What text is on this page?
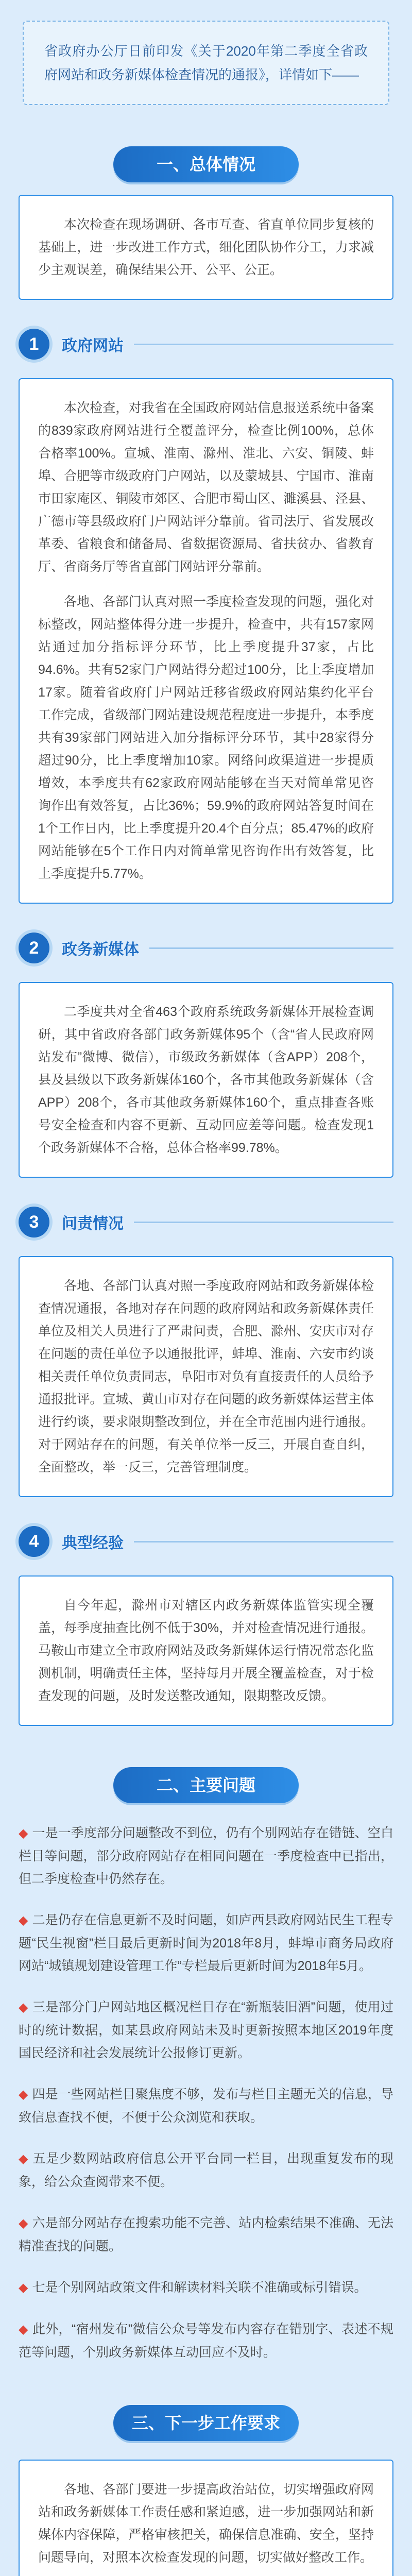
省政府办公厅日前印发《关于2020年第二季度全省政府网站和政务新媒体检查情况的通报》，详情如下——
一、总体情况

本次检查在现场调研、各市互查、省直单位同步复核的基础上，进一步改进工作方式，细化团队协作分工，力求减少主观误差，确保结果公开、公平、公正。

1	政府网站

本次检查，对我省在全国政府网站信息报送系统中备案的839家政府网站进行全覆盖评分，检查比例100%，总体合格率100%。宣城、淮南、滁州、淮北、六安、铜陵、蚌埠、合肥等市级政府门户网站，以及蒙城县、宁国市、淮南市田家庵区、铜陵市郊区、合肥市蜀山区、濉溪县、泾县、广德市等县级政府门户网站评分靠前。省司法厅、省发展改革委、省粮食和储备局、省数据资源局、省扶贫办、省教育厅、省商务厅等省直部门网站评分靠前。

各地、各部门认真对照一季度检查发现的问题，强化对标整改，网站整体得分进一步提升，检查中，共有157家网站通过加分指标评分环节，比上季度提升37家，占比94.6%。共有52家门户网站得分超过100分，比上季度增加17家。随着省政府门户网站迁移省级政府网站集约化平台工作完成，省级部门网站建设规范程度进一步提升，本季度共有39家部门网站进入加分指标评分环节，其中28家得分超过90分，比上季度增加10家。网络问政渠道进一步提质增效，本季度共有62家政府网站能够在当天对简单常见咨询作出有效答复，占比36%；59.9%的政府网站答复时间在1个工作日内，比上季度提升20.4个百分点；85.47%的政府网站能够在5个工作日内对简单常见咨询作出有效答复，比上季度提升5.77%。

2	政务新媒体

二季度共对全省463个政府系统政务新媒体开展检查调研，其中省政府各部门政务新媒体95个（含“省人民政府网站发布”微博、微信），市级政务新媒体（含APP）208个，县及县级以下政务新媒体160个，各市其他政务新媒体（含APP）208个，各市其他政务新媒体160个，重点排查各账号安全检查和内容不更新、互动回应差等问题。检查发现1个政务新媒体不合格，总体合格率99.78%。

3	问责情况

各地、各部门认真对照一季度政府网站和政务新媒体检查情况通报，各地对存在问题的政府网站和政务新媒体责任单位及相关人员进行了严肃问责，合肥、滁州、安庆市对存在问题的责任单位予以通报批评，蚌埠、淮南、六安市约谈相关责任单位负责同志，阜阳市对负有直接责任的人员给予通报批评。宣城、黄山市对存在问题的政务新媒体运营主体进行约谈，要求限期整改到位，并在全市范围内进行通报。对于网站存在的问题，有关单位举一反三，开展自查自纠，全面整改，举一反三，完善管理制度。

4	典型经验

自今年起，滁州市对辖区内政务新媒体监管实现全覆盖，每季度抽查比例不低于30%，并对检查情况进行通报。马鞍山市建立全市政府网站及政务新媒体运行情况常态化监测机制，明确责任主体，坚持每月开展全覆盖检查，对于检查发现的问题，及时发送整改通知，限期整改反馈。

二、主要问题
◆ 一是一季度部分问题整改不到位，仍有个别网站存在错链、空白栏目等问题，部分政府网站存在相同问题在一季度检查中已指出，但二季度检查中仍然存在。
◆ 二是仍存在信息更新不及时问题，如庐西县政府网站民生工程专题“民生视窗”栏目最后更新时间为2018年8月，蚌埠市商务局政府网站“城镇规划建设管理工作”专栏最后更新时间为2018年5月。
◆ 三是部分门户网站地区概况栏目存在“新瓶装旧酒”问题，使用过时的统计数据，如某县政府网站未及时更新按照本地区2019年度国民经济和社会发展统计公报修订更新。
◆ 四是一些网站栏目聚焦度不够，发布与栏目主题无关的信息，导致信息查找不便，不便于公众浏览和获取。
◆ 五是少数网站政府信息公开平台同一栏目，出现重复发布的现象，给公众查阅带来不便。
◆ 六是部分网站存在搜索功能不完善、站内检索结果不准确、无法精准查找的问题。
◆ 七是个别网站政策文件和解读材料关联不准确或标引错误。
◆ 此外，“宿州发布”微信公众号等发布内容存在错别字、表述不规范等问题，个别政务新媒体互动回应不及时。
三、下一步工作要求

各地、各部门要进一步提高政治站位，切实增强政府网站和政务新媒体工作责任感和紧迫感，进一步加强网站和新媒体内容保障，严格审核把关，确保信息准确、安全，坚持问题导向，对照本次检查发现的问题，切实做好整改工作。
